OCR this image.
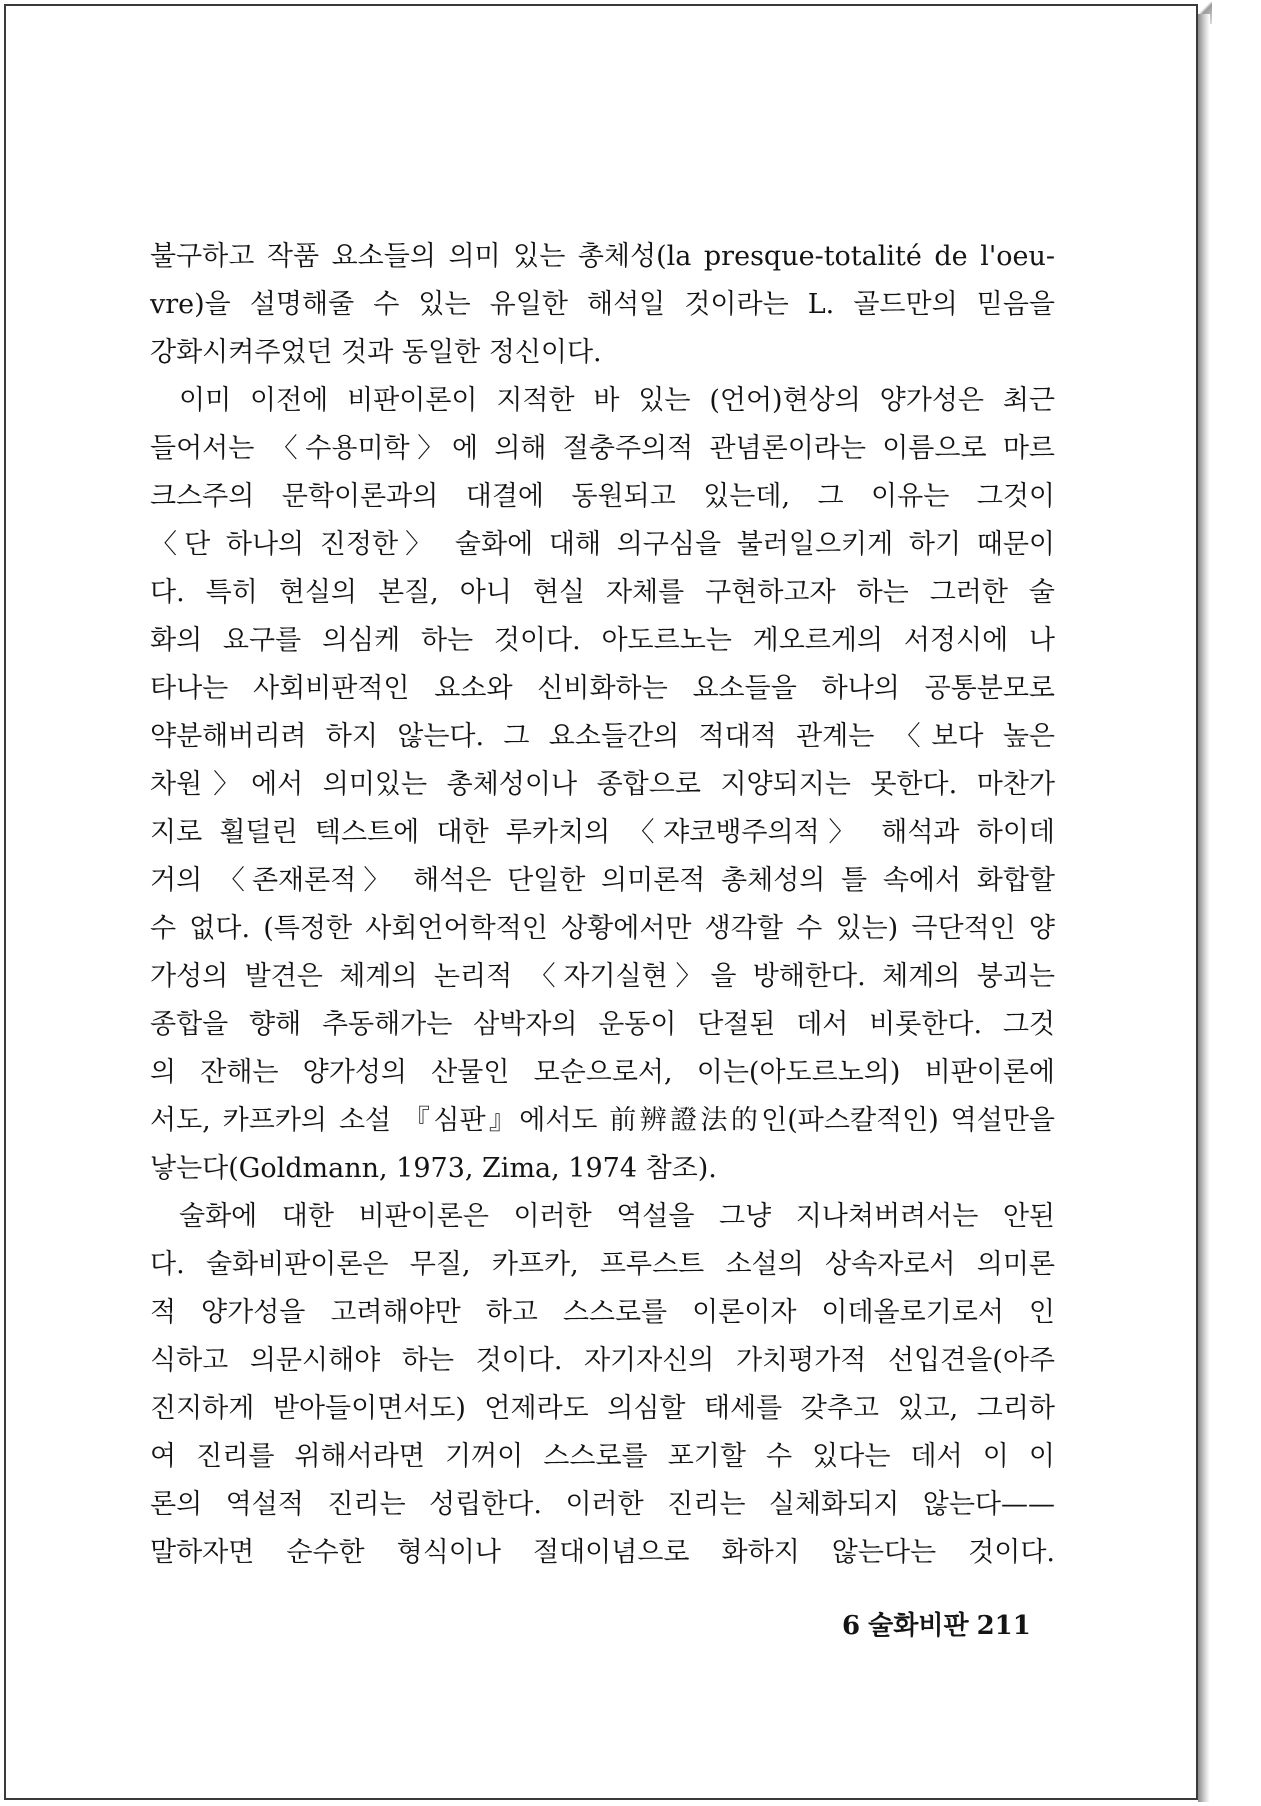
불구하고 작품 요소들의 의미 있는 총체성(la presque-totalité de l'oeu-
vre)을 설명해줄 수 있는 유일한 해석일 것이라는 L. 골드만의 믿음을
강화시켜주었던 것과 동일한 정신이다.
이미 이전에 비판이론이 지적한 바 있는 (언어)현상의 양가성은 최근
들어서는 〈수용미학〉에 의해 절충주의적 관념론이라는 이름으로 마르
크스주의 문학이론과의 대결에 동원되고 있는데, 그 이유는 그것이
〈단 하나의 진정한〉 술화에 대해 의구심을 불러일으키게 하기 때문이
다. 특히 현실의 본질, 아니 현실 자체를 구현하고자 하는 그러한 술
화의 요구를 의심케 하는 것이다. 아도르노는 게오르게의 서정시에 나
타나는 사회비판적인 요소와 신비화하는 요소들을 하나의 공통분모로
약분해버리려 하지 않는다. 그 요소들간의 적대적 관계는 〈보다 높은
차원〉에서 의미있는 총체성이나 종합으로 지양되지는 못한다. 마찬가
지로 횔덜린 텍스트에 대한 루카치의 〈쟈코뱅주의적〉 해석과 하이데
거의 〈존재론적〉 해석은 단일한 의미론적 총체성의 틀 속에서 화합할
수 없다. (특정한 사회언어학적인 상황에서만 생각할 수 있는) 극단적인 양
가성의 발견은 체계의 논리적 〈자기실현〉을 방해한다. 체계의 붕괴는
종합을 향해 추동해가는 삼박자의 운동이 단절된 데서 비롯한다. 그것
의 잔해는 양가성의 산물인 모순으로서, 이는(아도르노의) 비판이론에
서도, 카프카의 소설 『심판』에서도 前辨證法的인(파스칼적인) 역설만을
낳는다(Goldmann, 1973, Zima, 1974 참조).
술화에 대한 비판이론은 이러한 역설을 그냥 지나쳐버려서는 안된
다. 술화비판이론은 무질, 카프카, 프루스트 소설의 상속자로서 의미론
적 양가성을 고려해야만 하고 스스로를 이론이자 이데올로기로서 인
식하고 의문시해야 하는 것이다. 자기자신의 가치평가적 선입견을(아주
진지하게 받아들이면서도) 언제라도 의심할 태세를 갖추고 있고, 그리하
여 진리를 위해서라면 기꺼이 스스로를 포기할 수 있다는 데서 이 이
론의 역설적 진리는 성립한다. 이러한 진리는 실체화되지 않는다——
말하자면 순수한 형식이나 절대이념으로 화하지 않는다는 것이다.
6 술화비판 211
